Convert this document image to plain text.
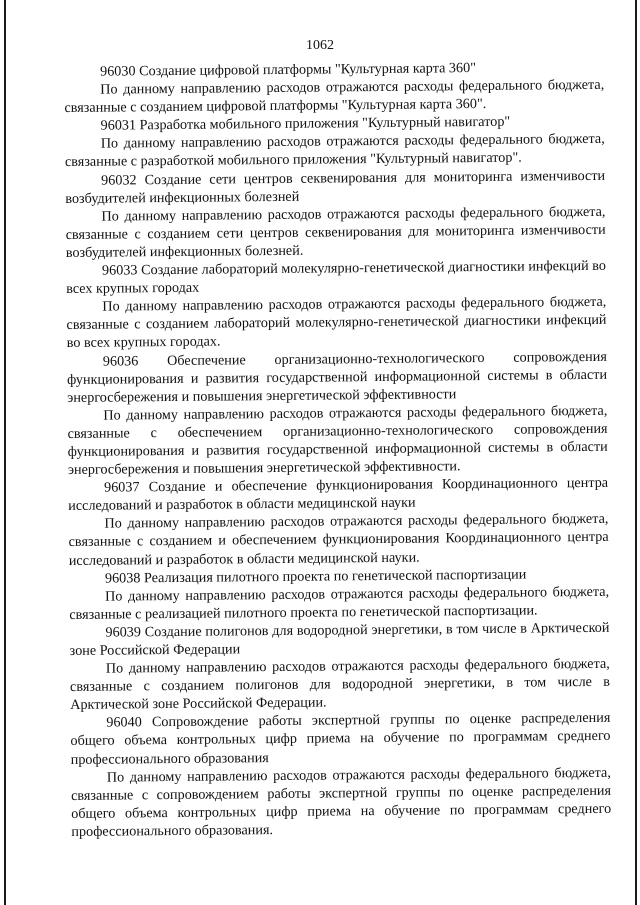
1062

96030 Создание цифровой платформы "Культурная карта 360"

По данному направлению расходов отражаются расходы федерального бюджета, связанные с созданием цифровой платформы "Культурная карта 360".

96031 Разработка мобильного приложения "Культурный навигатор"

По данному направлению расходов отражаются расходы федерального бюджета, связанные с разработкой мобильного приложения "Культурный навигатор".

96032 Создание сети центров секвенирования для мониторинга изменчивости возбудителей инфекционных болезней

По данному направлению расходов отражаются расходы федерального бюджета, связанные с созданием сети центров секвенирования для мониторинга изменчивости возбудителей инфекционных болезней.

96033 Создание лабораторий молекулярно-генетической диагностики инфекций во всех крупных городах

По данному направлению расходов отражаются расходы федерального бюджета, связанные с созданием лабораторий молекулярно-генетической диагностики инфекций во всех крупных городах.

96036 Обеспечение организационно-технологического сопровождения функционирования и развития государственной информационной системы в области энергосбережения и повышения энергетической эффективности

По данному направлению расходов отражаются расходы федерального бюджета, связанные с обеспечением организационно-технологического сопровождения функционирования и развития государственной информационной системы в области энергосбережения и повышения энергетической эффективности.

96037 Создание и обеспечение функционирования Координационного центра исследований и разработок в области медицинской науки

По данному направлению расходов отражаются расходы федерального бюджета, связанные с созданием и обеспечением функционирования Координационного центра исследований и разработок в области медицинской науки.

96038 Реализация пилотного проекта по генетической паспортизации

По данному направлению расходов отражаются расходы федерального бюджета, связанные с реализацией пилотного проекта по генетической паспортизации.

96039 Создание полигонов для водородной энергетики, в том числе в Арктической зоне Российской Федерации

По данному направлению расходов отражаются расходы федерального бюджета, связанные с созданием полигонов для водородной энергетики, в том числе в Арктической зоне Российской Федерации.

96040 Сопровождение работы экспертной группы по оценке распределения общего объема контрольных цифр приема на обучение по программам среднего профессионального образования

По данному направлению расходов отражаются расходы федерального бюджета, связанные с сопровождением работы экспертной группы по оценке распределения общего объема контрольных цифр приема на обучение по программам среднего профессионального образования.
